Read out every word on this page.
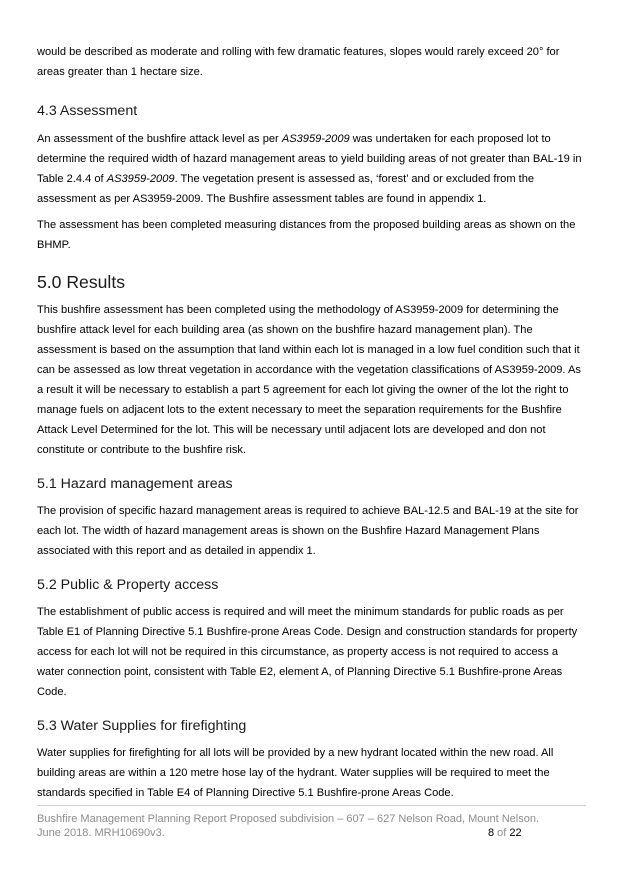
would be described as moderate and rolling with few dramatic features, slopes would rarely exceed 20° for areas greater than 1 hectare size.

4.3 Assessment

An assessment of the bushfire attack level as per AS3959-2009 was undertaken for each proposed lot to determine the required width of hazard management areas to yield building areas of not greater than BAL-19 in Table 2.4.4 of AS3959-2009. The vegetation present is assessed as, ‘forest’ and or excluded from the assessment as per AS3959-2009. The Bushfire assessment tables are found in appendix 1.

The assessment has been completed measuring distances from the proposed building areas as shown on the BHMP.

5.0 Results

This bushfire assessment has been completed using the methodology of AS3959-2009 for determining the bushfire attack level for each building area (as shown on the bushfire hazard management plan). The assessment is based on the assumption that land within each lot is managed in a low fuel condition such that it can be assessed as low threat vegetation in accordance with the vegetation classifications of AS3959-2009. As a result it will be necessary to establish a part 5 agreement for each lot giving the owner of the lot the right to manage fuels on adjacent lots to the extent necessary to meet the separation requirements for the Bushfire Attack Level Determined for the lot. This will be necessary until adjacent lots are developed and don not constitute or contribute to the bushfire risk.

5.1 Hazard management areas

The provision of specific hazard management areas is required to achieve BAL-12.5 and BAL-19 at the site for each lot. The width of hazard management areas is shown on the Bushfire Hazard Management Plans associated with this report and as detailed in appendix 1.

5.2 Public & Property access

The establishment of public access is required and will meet the minimum standards for public roads as per Table E1 of Planning Directive 5.1 Bushfire-prone Areas Code. Design and construction standards for property access for each lot will not be required in this circumstance, as property access is not required to access a water connection point, consistent with Table E2, element A, of Planning Directive 5.1 Bushfire-prone Areas Code.

5.3 Water Supplies for firefighting

Water supplies for firefighting for all lots will be provided by a new hydrant located within the new road. All building areas are within a 120 metre hose lay of the hydrant. Water supplies will be required to meet the standards specified in Table E4 of Planning Directive 5.1 Bushfire-prone Areas Code.

Bushfire Management Planning Report Proposed subdivision – 607 – 627 Nelson Road, Mount Nelson.
June 2018. MRH10690v3.	8 of 22
